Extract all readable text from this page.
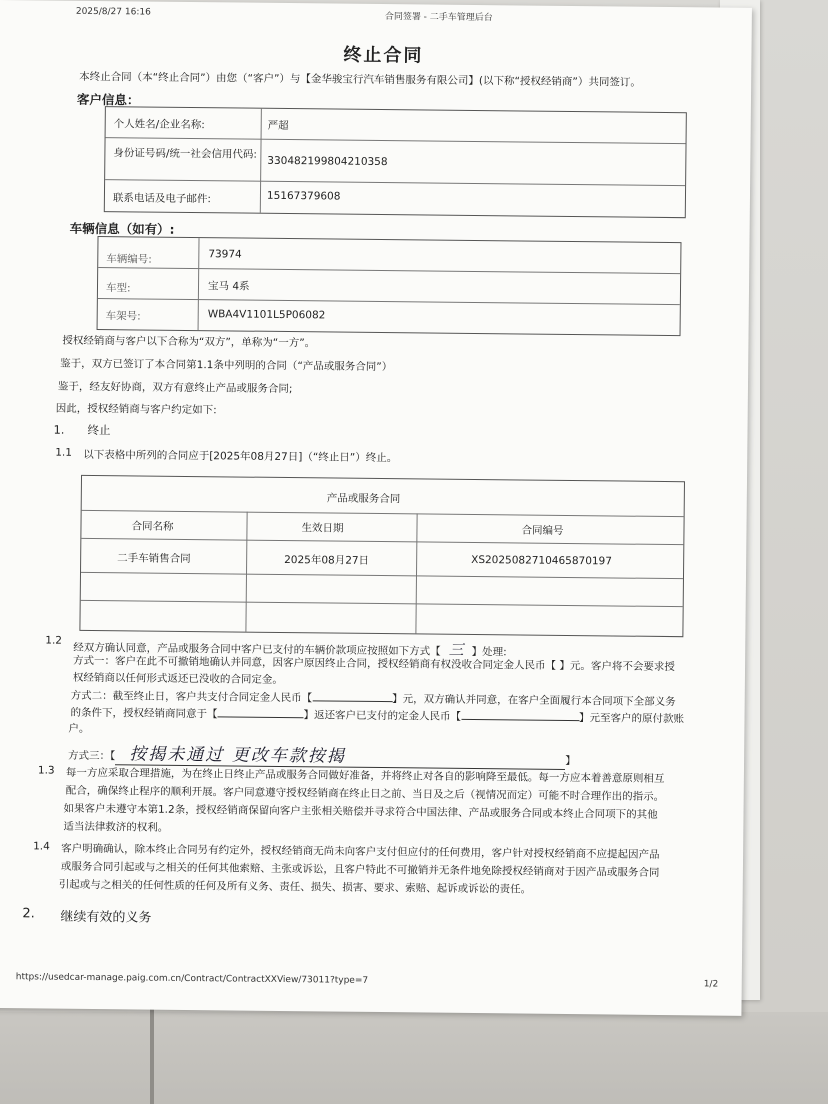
2025/8/27 16:16	合同签署 - 二手车管理后台
终止合同
本终止合同（本“终止合同”）由您（“客户”）与【金华骏宝行汽车销售服务有限公司】(以下称“授权经销商”）共同签订。
客户信息：
个人姓名/企业名称:	严超
身份证号码/统一社会信用代码:
330482199804210358
联系电话及电子邮件:	15167379608
车辆信息（如有）:
车辆编号:	73974
车型:	宝马 4系
车架号:	WBA4V1101L5P06082
授权经销商与客户以下合称为“双方”，单称为“一方”。
鉴于，双方已签订了本合同第1.1条中列明的合同（“产品或服务合同”）
鉴于，经友好协商，双方有意终止产品或服务合同;
因此，授权经销商与客户约定如下:
1. 终止
1.1 以下表格中所列的合同应于[2025年08月27日]（“终止日”）终止。
产品或服务合同
合同名称	生效日期	合同编号
二手车销售合同	2025年08月27日	XS2025082710465870197
1.2
经双方确认同意，产品或服务合同中客户已支付的车辆价款项应按照如下方式【 三 】处理:
方式一：客户在此不可撤销地确认并同意，因客户原因终止合同，授权经销商有权没收合同定金人民币【 】元。客户将不会要求授
权经销商以任何形式返还已没收的合同定金。
方式二：截至终止日，客户共支付合同定金人民币【	】元，双方确认并同意，在客户全面履行本合同项下全部义务
的条件下，授权经销商同意于【	】返还客户已支付的定金人民币【	】元至客户的原付款账
户。
方式三：【 按揭未通过 更改车款按揭	】
1.3 每一方应采取合理措施，为在终止日终止产品或服务合同做好准备，并将终止对各自的影响降至最低。每一方应本着善意原则相互
配合，确保终止程序的顺利开展。客户同意遵守授权经销商在终止日之前、当日及之后（视情况而定）可能不时合理作出的指示。
如果客户未遵守本第1.2条，授权经销商保留向客户主张相关赔偿并寻求符合中国法律、产品或服务合同或本终止合同项下的其他
适当法律救济的权利。
1.4 客户明确确认，除本终止合同另有约定外，授权经销商无尚未向客户支付但应付的任何费用，客户针对授权经销商不应提起因产品
或服务合同引起或与之相关的任何其他索赔、主张或诉讼，且客户特此不可撤销并无条件地免除授权经销商对于因产品或服务合同
引起或与之相关的任何性质的任何及所有义务、责任、损失、损害、要求、索赔、起诉或诉讼的责任。
2. 继续有效的义务
https://usedcar-manage.paig.com.cn/Contract/ContractXXView/73011?type=7	1/2
